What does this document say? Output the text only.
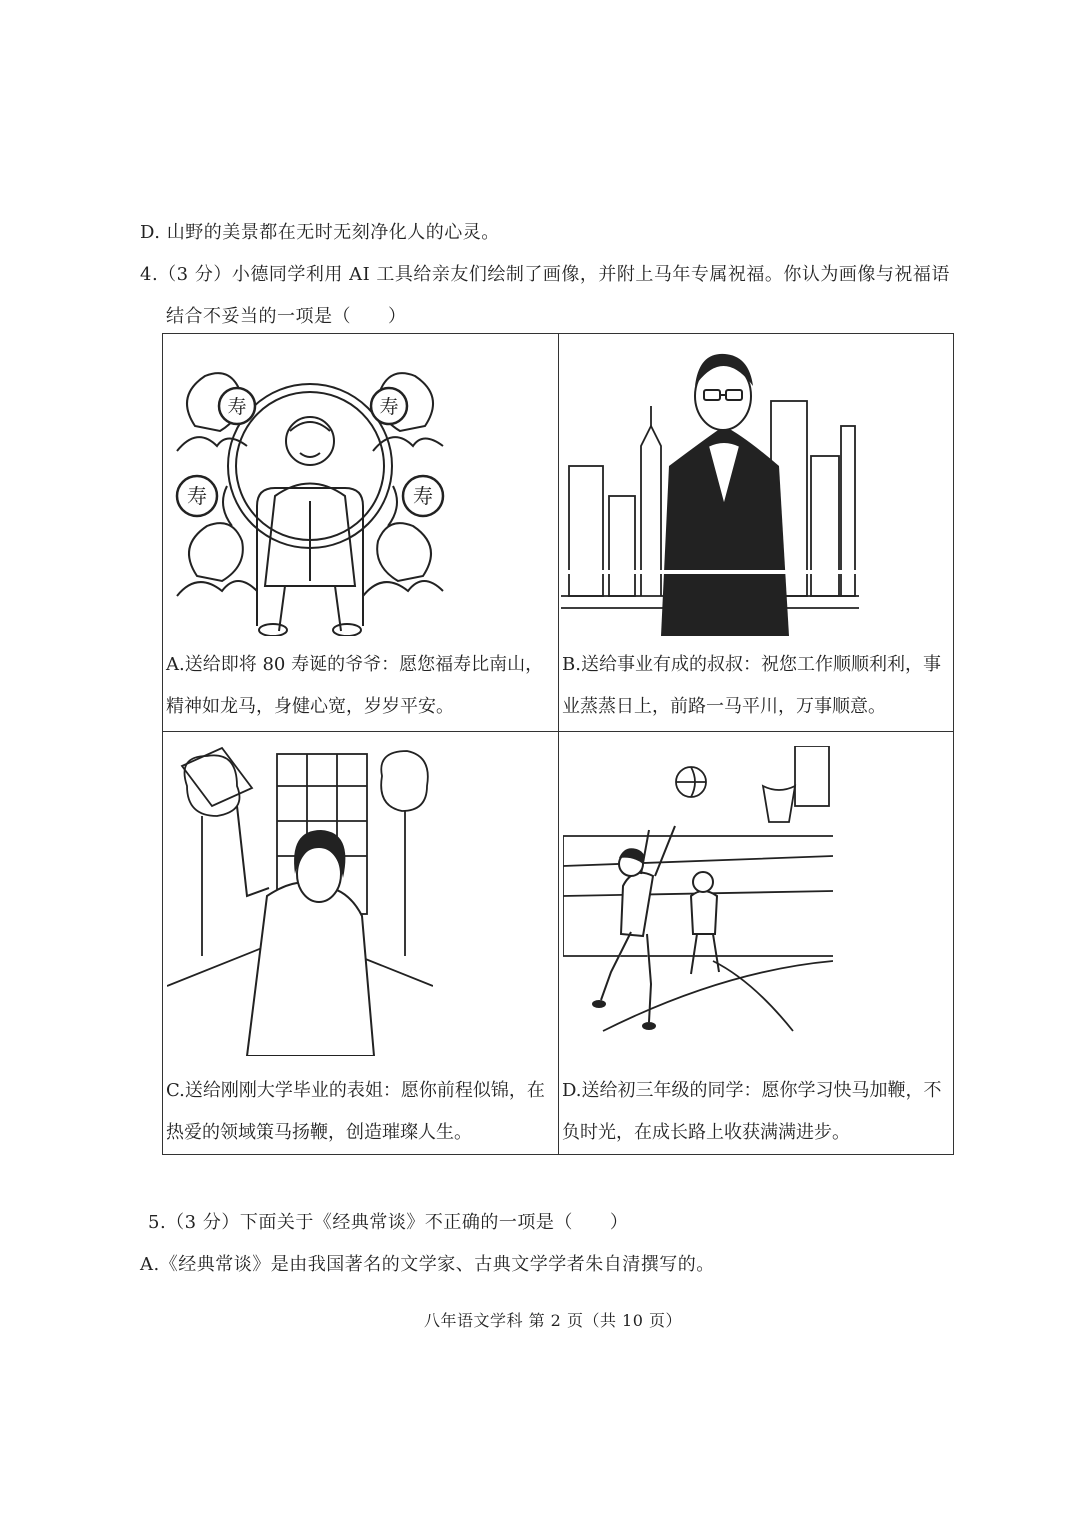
D. 山野的美景都在无时无刻净化人的心灵。
4.（3 分）小德同学利用 AI 工具给亲友们绘制了画像，并附上马年专属祝福。你认为画像与祝福语
结合不妥当的一项是（　　）
寿	寿
寿	寿
A.送给即将 80 寿诞的爷爷：愿您福寿比南山，
精神如龙马，身健心宽，岁岁平安。
B.送给事业有成的叔叔：祝您工作顺顺利利，事
业蒸蒸日上，前路一马平川，万事顺意。
C.送给刚刚大学毕业的表姐：愿你前程似锦，在
热爱的领域策马扬鞭，创造璀璨人生。
D.送给初三年级的同学：愿你学习快马加鞭，不
负时光，在成长路上收获满满进步。
5.（3 分）下面关于《经典常谈》不正确的一项是（　　）
A.《经典常谈》是由我国著名的文学家、古典文学学者朱自清撰写的。
八年语文学科 第 2 页（共 10 页）
